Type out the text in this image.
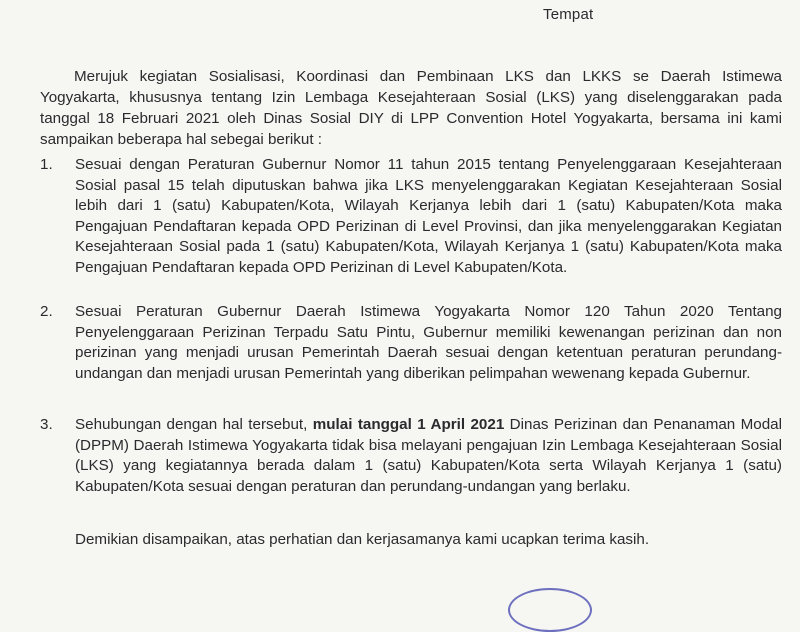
Tempat

Merujuk kegiatan Sosialisasi, Koordinasi dan Pembinaan LKS dan LKKS se Daerah Istimewa Yogyakarta, khususnya tentang Izin Lembaga Kesejahteraan Sosial (LKS) yang diselenggarakan pada tanggal 18 Februari 2021 oleh Dinas Sosial DIY di LPP Convention Hotel Yogyakarta, bersama ini kami sampaikan beberapa hal sebegai berikut :

1.	Sesuai dengan Peraturan Gubernur Nomor 11 tahun 2015 tentang Penyelenggaraan Kesejahteraan Sosial pasal 15 telah diputuskan bahwa jika LKS menyelenggarakan Kegiatan Kesejahteraan Sosial lebih dari 1 (satu) Kabupaten/Kota, Wilayah Kerjanya lebih dari 1 (satu) Kabupaten/Kota maka Pengajuan Pendaftaran kepada OPD Perizinan di Level Provinsi, dan jika menyelenggarakan Kegiatan Kesejahteraan Sosial pada 1 (satu) Kabupaten/Kota, Wilayah Kerjanya 1 (satu) Kabupaten/Kota maka Pengajuan Pendaftaran kepada OPD Perizinan di Level Kabupaten/Kota.
2.	Sesuai Peraturan Gubernur Daerah Istimewa Yogyakarta Nomor 120 Tahun 2020 Tentang Penyelenggaraan Perizinan Terpadu Satu Pintu, Gubernur memiliki kewenangan perizinan dan non perizinan yang menjadi urusan Pemerintah Daerah sesuai dengan ketentuan peraturan perundang-undangan dan menjadi urusan Pemerintah yang diberikan pelimpahan wewenang kepada Gubernur.
3.	Sehubungan dengan hal tersebut, mulai tanggal 1 April 2021 Dinas Perizinan dan Penanaman Modal (DPPM) Daerah Istimewa Yogyakarta tidak bisa melayani pengajuan Izin Lembaga Kesejahteraan Sosial (LKS) yang kegiatannya berada dalam 1 (satu) Kabupaten/Kota serta Wilayah Kerjanya 1 (satu) Kabupaten/Kota sesuai dengan peraturan dan perundang-undangan yang berlaku.

Demikian disampaikan, atas perhatian dan kerjasamanya kami ucapkan terima kasih.
